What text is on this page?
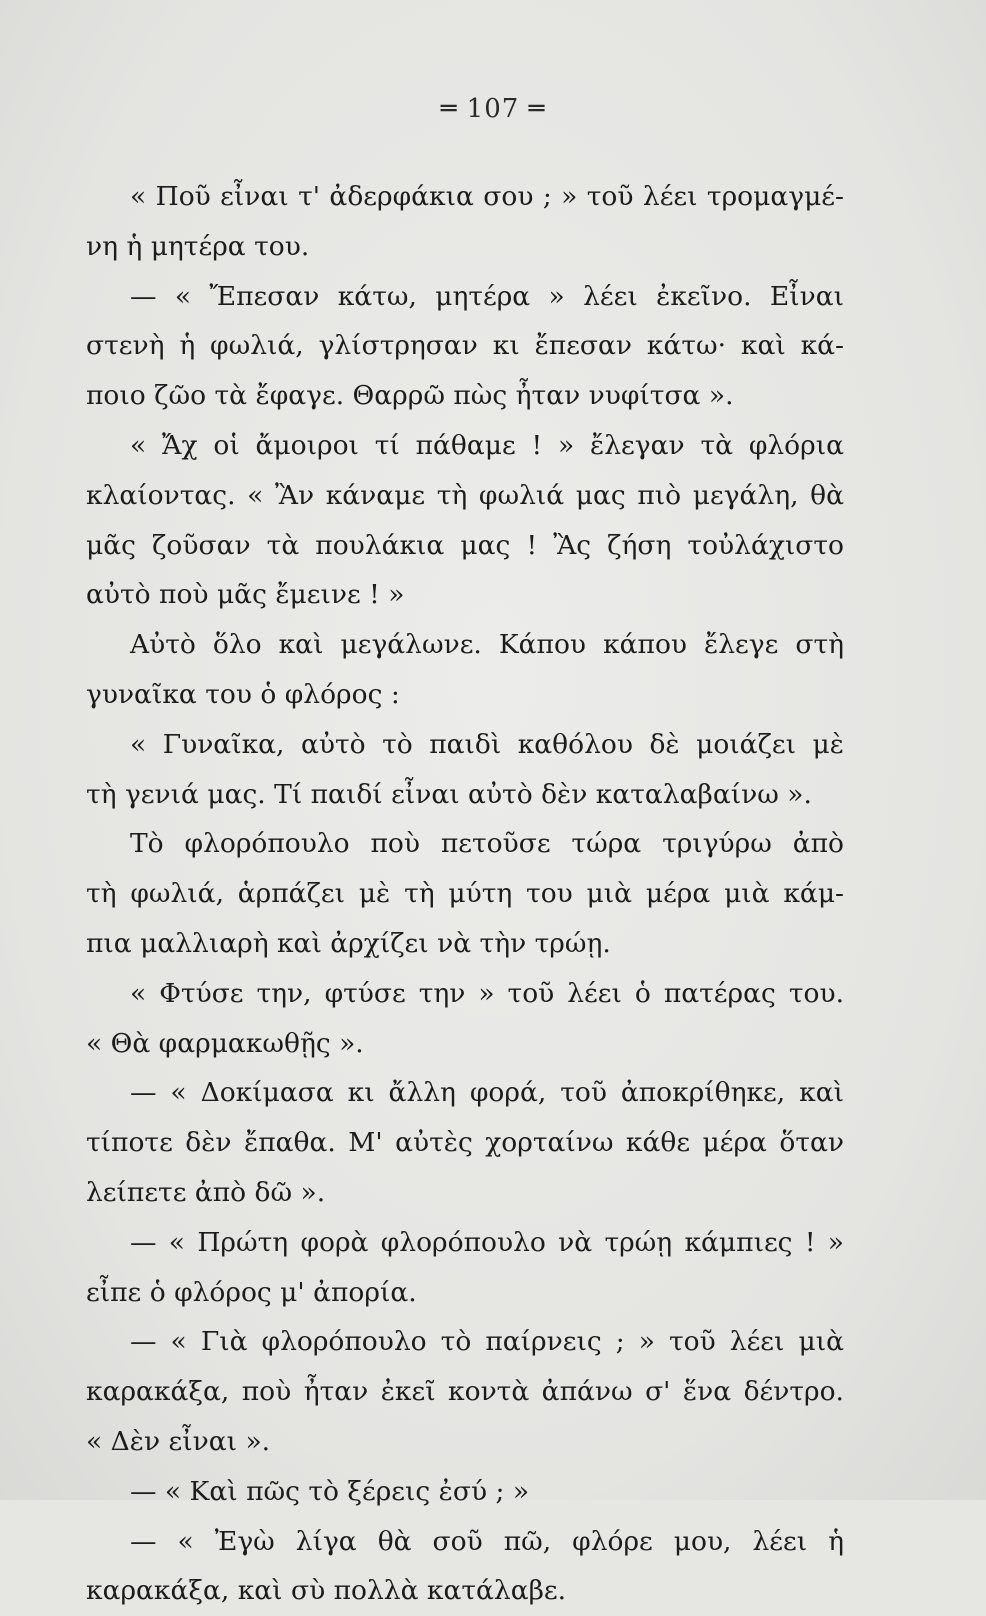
═ 107 ═
« Ποῦ εἶναι τ' ἀδερφάκια σου ; » τοῦ λέει τρομαγμέ-
νη ἡ μητέρα του.
— « Ἔπεσαν κάτω, μητέρα » λέει ἐκεῖνο. Εἶναι
στενὴ ἡ φωλιά, γλίστρησαν κι ἔπεσαν κάτω· καὶ κά-
ποιο ζῶο τὰ ἔφαγε. Θαρρῶ πὼς ἦταν νυφίτσα ».
« Ἄχ οἱ ἄμοιροι τί πάθαμε ! » ἔλεγαν τὰ φλόρια
κλαίοντας. « Ἂν κάναμε τὴ φωλιά μας πιὸ μεγάλη, θὰ
μᾶς ζοῦσαν τὰ πουλάκια μας ! Ἂς ζήση τοὐλάχιστο
αὐτὸ ποὺ μᾶς ἔμεινε ! »
Αὐτὸ ὅλο καὶ μεγάλωνε. Κάπου κάπου ἔλεγε στὴ
γυναῖκα του ὁ φλόρος :
« Γυναῖκα, αὐτὸ τὸ παιδὶ καθόλου δὲ μοιάζει μὲ
τὴ γενιά μας. Τί παιδί εἶναι αὐτὸ δὲν καταλαβαίνω ».
Τὸ φλορόπουλο ποὺ πετοῦσε τώρα τριγύρω ἀπὸ
τὴ φωλιά, ἁρπάζει μὲ τὴ μύτη του μιὰ μέρα μιὰ κάμ-
πια μαλλιαρὴ καὶ ἀρχίζει νὰ τὴν τρώῃ.
« Φτύσε την, φτύσε την » τοῦ λέει ὁ πατέρας του.
« Θὰ φαρμακωθῇς ».
— « Δοκίμασα κι ἄλλη φορά, τοῦ ἀποκρίθηκε, καὶ
τίποτε δὲν ἔπαθα. Μ' αὐτὲς χορταίνω κάθε μέρα ὅταν
λείπετε ἀπὸ δῶ ».
— « Πρώτη φορὰ φλορόπουλο νὰ τρώῃ κάμπιες ! »
εἶπε ὁ φλόρος μ' ἀπορία.
— « Γιὰ φλορόπουλο τὸ παίρνεις ; » τοῦ λέει μιὰ
καρακάξα, ποὺ ἦταν ἐκεῖ κοντὰ ἀπάνω σ' ἕνα δέντρο.
« Δὲν εἶναι ».
— « Καὶ πῶς τὸ ξέρεις ἐσύ ; »
— « Ἐγὼ λίγα θὰ σοῦ πῶ, φλόρε μου, λέει ἡ
καρακάξα, καὶ σὺ πολλὰ κατάλαβε.
